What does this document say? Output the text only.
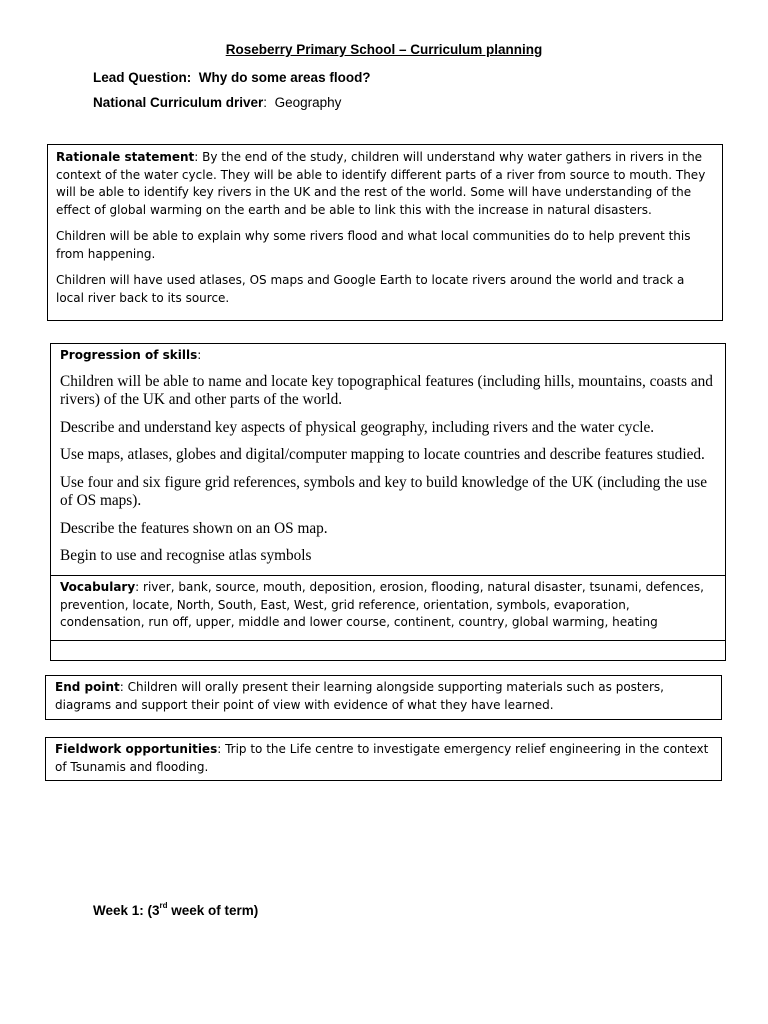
Roseberry Primary School – Curriculum planning
Lead Question: Why do some areas flood?
National Curriculum driver:  Geography

Rationale statement: By the end of the study, children will understand why water gathers in rivers in the context of the water cycle. They will be able to identify different parts of a river from source to mouth. They will be able to identify key rivers in the UK and the rest of the world. Some will have understanding of the effect of global warming on the earth and be able to link this with the increase in natural disasters.

Children will be able to explain why some rivers flood and what local communities do to help prevent this from happening.

Children will have used atlases, OS maps and Google Earth to locate rivers around the world and track a local river back to its source.

Progression of skills:

Children will be able to name and locate key topographical features (including hills, mountains, coasts and rivers) of the UK and other parts of the world.

Describe and understand key aspects of physical geography, including rivers and the water cycle.

Use maps, atlases, globes and digital/computer mapping to locate countries and describe features studied.

Use four and six figure grid references, symbols and key to build knowledge of the UK (including the use of OS maps).

Describe the features shown on an OS map.

Begin to use and recognise atlas symbols

Vocabulary: river, bank, source, mouth, deposition, erosion, flooding, natural disaster, tsunami, defences, prevention, locate, North, South, East, West, grid reference, orientation, symbols, evaporation, condensation, run off, upper, middle and lower course, continent, country, global warming, heating
End point: Children will orally present their learning alongside supporting materials such as posters, diagrams and support their point of view with evidence of what they have learned.
Fieldwork opportunities: Trip to the Life centre to investigate emergency relief engineering in the context of Tsunamis and flooding.
Week 1: (3rd week of term)
